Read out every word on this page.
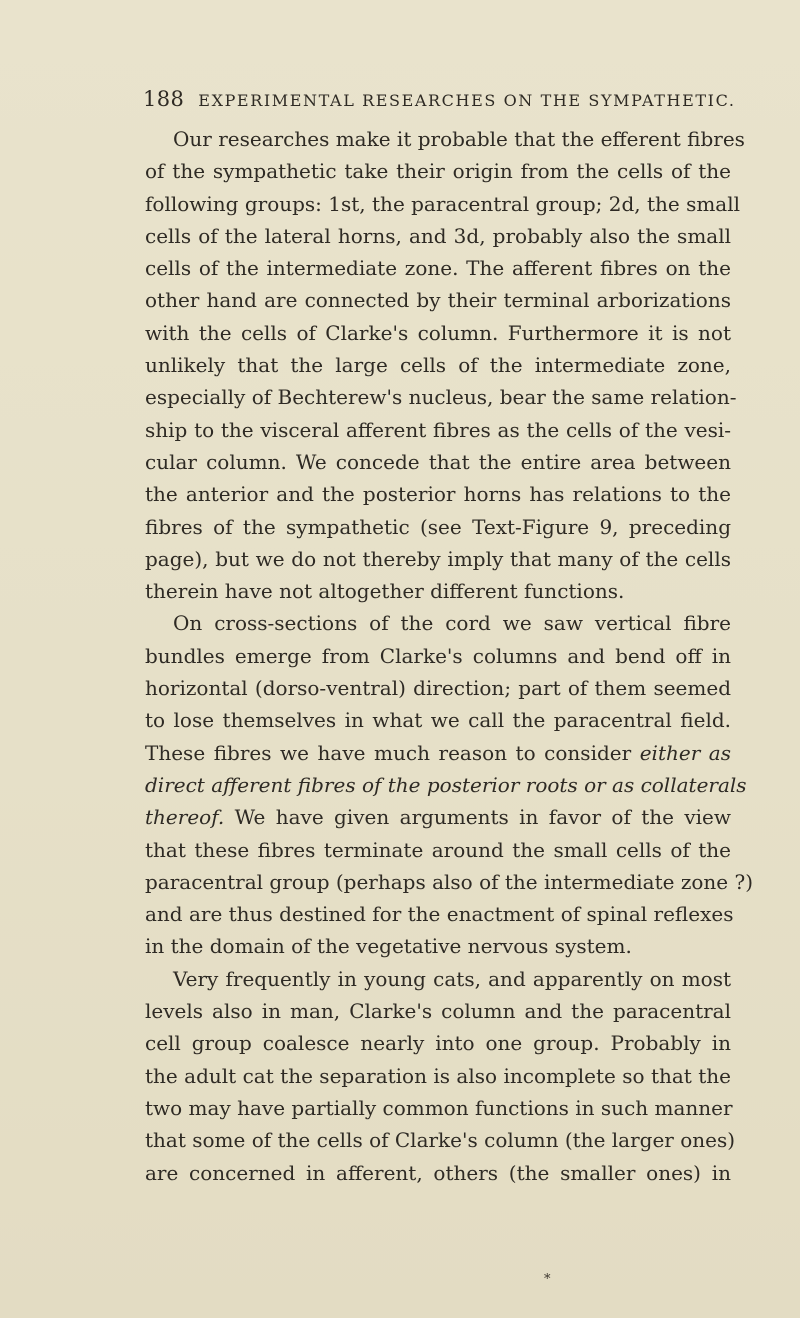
188 EXPERIMENTAL RESEARCHES ON THE SYMPATHETIC.
Our researches make it probable that the efferent fibres
of the sympathetic take their origin from the cells of the
following groups: 1st, the paracentral group; 2d, the small
cells of the lateral horns, and 3d, probably also the small
cells of the intermediate zone. The afferent fibres on the
other hand are connected by their terminal arborizations
with the cells of Clarke's column. Furthermore it is not
unlikely that the large cells of the intermediate zone,
especially of Bechterew's nucleus, bear the same relation-
ship to the visceral afferent fibres as the cells of the vesi-
cular column. We concede that the entire area between
the anterior and the posterior horns has relations to the
fibres of the sympathetic (see Text-Figure 9, preceding
page), but we do not thereby imply that many of the cells
therein have not altogether different functions.
On cross-sections of the cord we saw vertical fibre
bundles emerge from Clarke's columns and bend off in
horizontal (dorso-ventral) direction; part of them seemed
to lose themselves in what we call the paracentral field.
These fibres we have much reason to consider either as
direct afferent fibres of the posterior roots or as collaterals
thereof. We have given arguments in favor of the view
that these fibres terminate around the small cells of the
paracentral group (perhaps also of the intermediate zone ?)
and are thus destined for the enactment of spinal reflexes
in the domain of the vegetative nervous system.
Very frequently in young cats, and apparently on most
levels also in man, Clarke's column and the paracentral
cell group coalesce nearly into one group. Probably in
the adult cat the separation is also incomplete so that the
two may have partially common functions in such manner
that some of the cells of Clarke's column (the larger ones)
are concerned in afferent, others (the smaller ones) in
*
